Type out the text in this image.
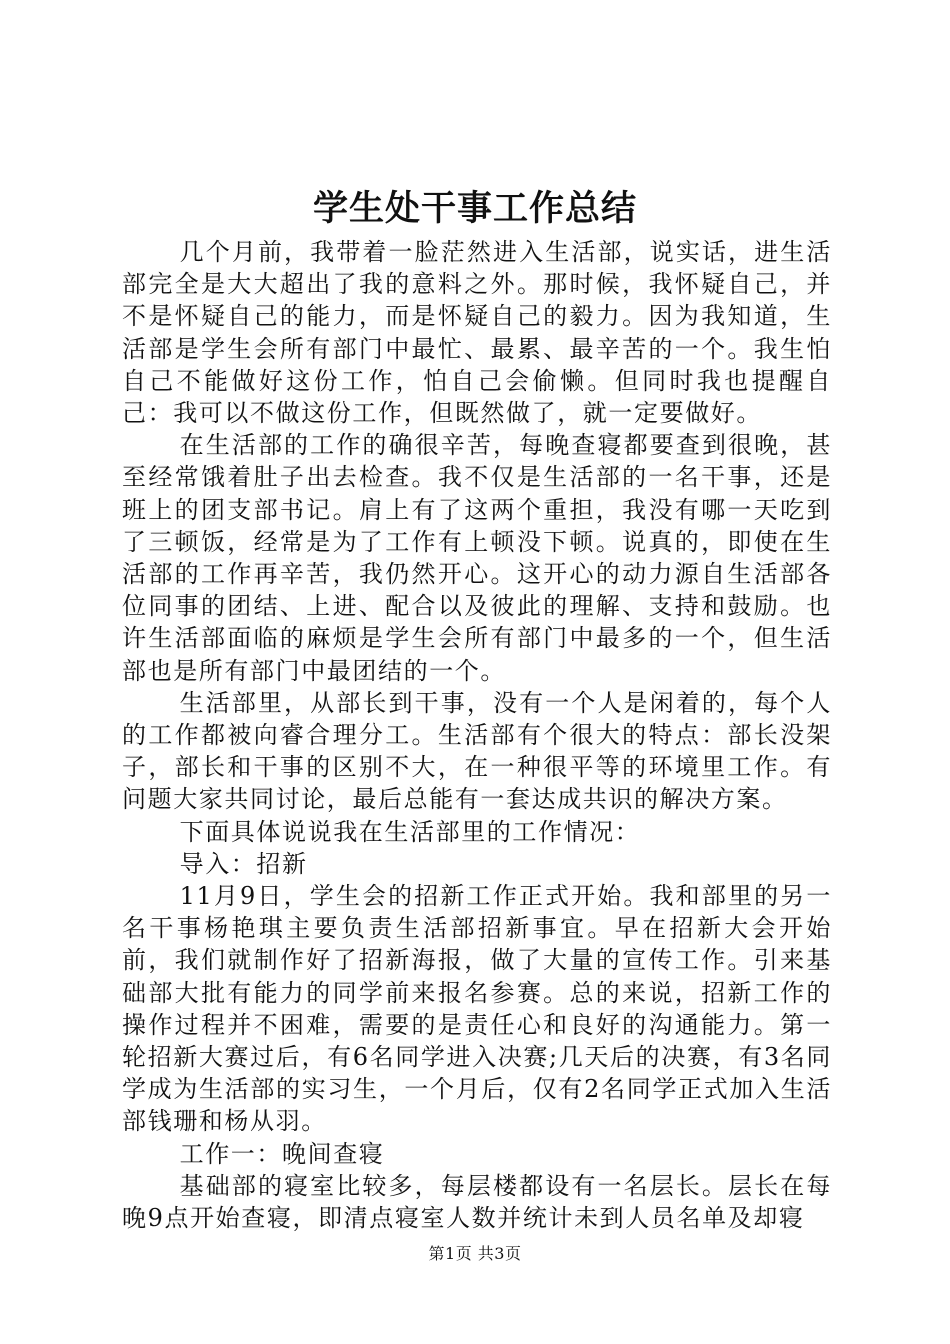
学生处干事工作总结

几个月前，我带着一脸茫然进入生活部，说实话，进生活部完全是大大超出了我的意料之外。那时候，我怀疑自己，并不是怀疑自己的能力，而是怀疑自己的毅力。因为我知道，生活部是学生会所有部门中最忙、最累、最辛苦的一个。我生怕自己不能做好这份工作，怕自己会偷懒。但同时我也提醒自己：我可以不做这份工作，但既然做了，就一定要做好。

在生活部的工作的确很辛苦，每晚查寝都要查到很晚，甚至经常饿着肚子出去检查。我不仅是生活部的一名干事，还是班上的团支部书记。肩上有了这两个重担，我没有哪一天吃到了三顿饭，经常是为了工作有上顿没下顿。说真的，即使在生活部的工作再辛苦，我仍然开心。这开心的动力源自生活部各位同事的团结、上进、配合以及彼此的理解、支持和鼓励。也许生活部面临的麻烦是学生会所有部门中最多的一个，但生活部也是所有部门中最团结的一个。

生活部里，从部长到干事，没有一个人是闲着的，每个人的工作都被向睿合理分工。生活部有个很大的特点：部长没架子，部长和干事的区别不大，在一种很平等的环境里工作。有问题大家共同讨论，最后总能有一套达成共识的解决方案。

下面具体说说我在生活部里的工作情况：

导入：招新

11月9日，学生会的招新工作正式开始。我和部里的另一名干事杨艳琪主要负责生活部招新事宜。早在招新大会开始前，我们就制作好了招新海报，做了大量的宣传工作。引来基础部大批有能力的同学前来报名参赛。总的来说，招新工作的操作过程并不困难，需要的是责任心和良好的沟通能力。第一轮招新大赛过后，有6名同学进入决赛;几天后的决赛，有3名同学成为生活部的实习生，一个月后，仅有2名同学正式加入生活部钱珊和杨从羽。

工作一：晚间查寝

基础部的寝室比较多，每层楼都设有一名层长。层长在每晚9点开始查寝，即清点寝室人数并统计未到人员名单及却寝

第1页 共3页
